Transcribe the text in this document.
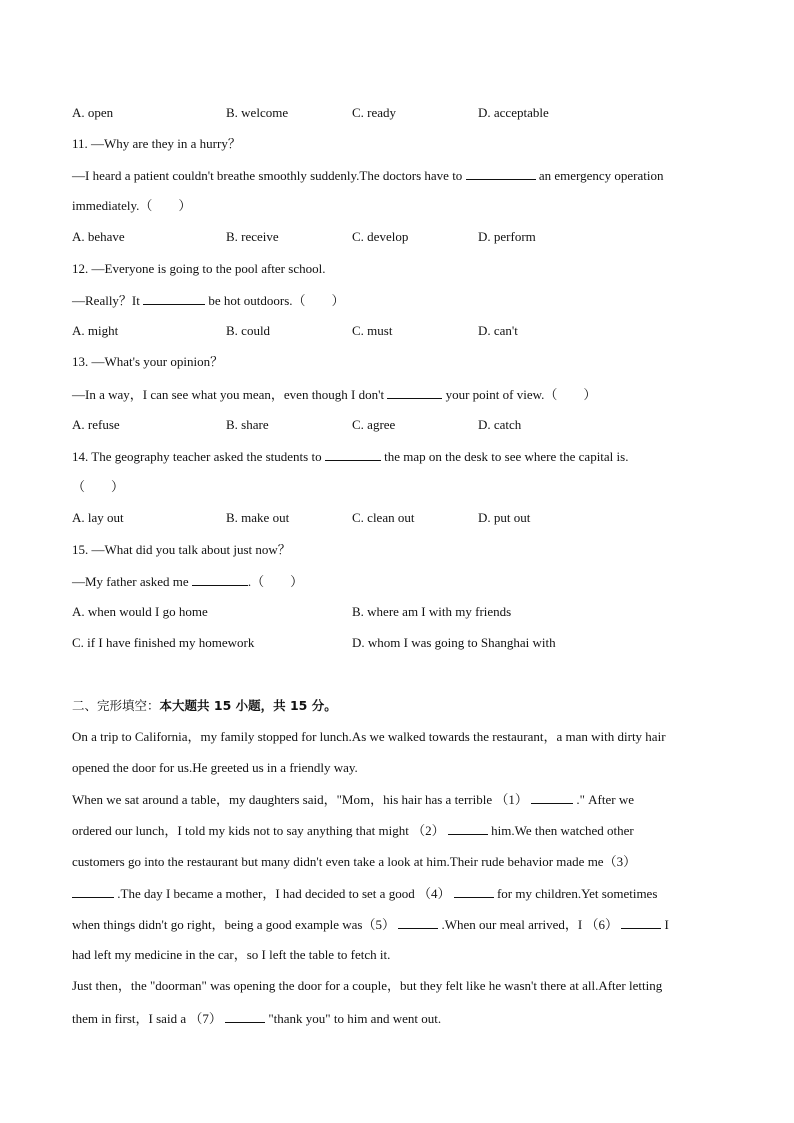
A. open	B. welcome	C. ready	D. acceptable
11. —Why are they in a hurry？
—I heard a patient couldn't breathe smoothly suddenly.The doctors have to	an emergency operation
immediately.（　　）
A. behave	B. receive	C. develop	D. perform
12. —Everyone is going to the pool after school.
—Really？It	be hot outdoors.（　　）
A. might	B. could	C. must	D. can't
13. —What's your opinion？
—In a way，I can see what you mean，even though I don't	your point of view.（　　）
A. refuse	B. share	C. agree	D. catch
14. The geography teacher asked the students to	the map on the desk to see where the capital is.
（　　）
A. lay out	B. make out	C. clean out	D. put out
15. —What did you talk about just now？
—My father asked me	.（　　）
A. when would I go home	B. where am I with my friends
C. if I have finished my homework	D. whom I was going to Shanghai with
二、完形填空：本大题共 15 小题，共 15 分。
On a trip to California，my family stopped for lunch.As we walked towards the restaurant，a man with dirty hair
opened the door for us.He greeted us in a friendly way.
When we sat around a table，my daughters said，"Mom，his hair has a terrible （1）	." After we
ordered our lunch，I told my kids not to say anything that might （2）	him.We then watched other
customers go into the restaurant but many didn't even take a look at him.Their rude behavior made me（3）
.The day I became a mother，I had decided to set a good （4）	for my children.Yet sometimes
when things didn't go right，being a good example was（5）	.When our meal arrived，I （6）	I
had left my medicine in the car，so I left the table to fetch it.
Just then，the "doorman" was opening the door for a couple，but they felt like he wasn't there at all.After letting
them in first，I said a （7）	"thank you" to him and went out.
